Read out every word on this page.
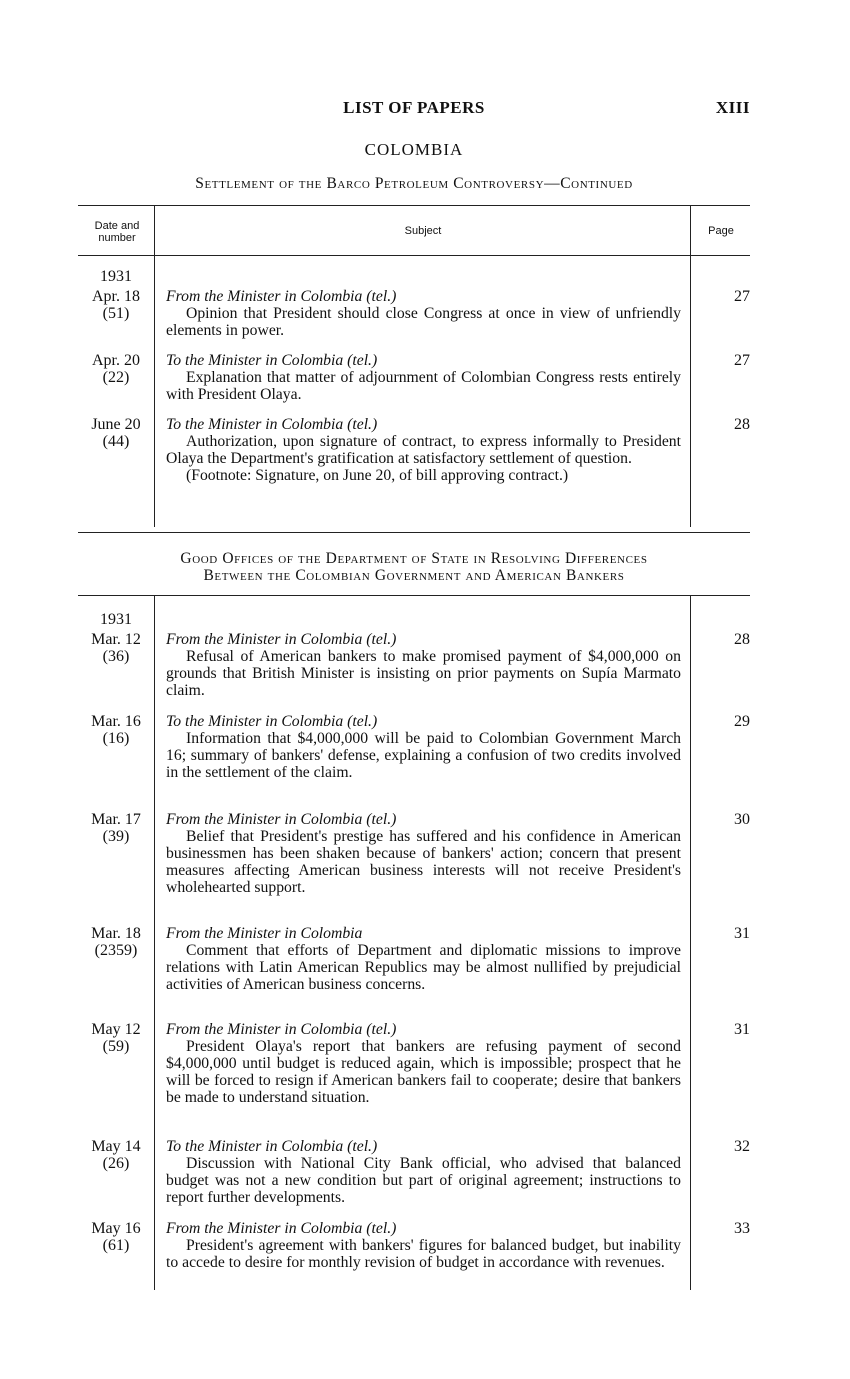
LIST OF PAPERS	XIII
COLOMBIA
Settlement of the Barco Petroleum Controversy—Continued
Date and number
Subject	Page
1931
Apr. 18
(51)
From the Minister in Colombia (tel.)
Opinion that President should close Congress at once in view of unfriendly elements in power.
27
Apr. 20
(22)
To the Minister in Colombia (tel.)
Explanation that matter of adjournment of Colombian Congress rests entirely with President Olaya.
27
June 20
(44)
To the Minister in Colombia (tel.)
Authorization, upon signature of contract, to express informally to President Olaya the Department's gratification at satisfactory settlement of question.
(Footnote: Signature, on June 20, of bill approving contract.)
28
Good Offices of the Department of State in Resolving Differences
Between the Colombian Government and American Bankers
1931
Mar. 12
(36)
From the Minister in Colombia (tel.)
Refusal of American bankers to make promised payment of $4,000,000 on grounds that British Minister is insisting on prior payments on Supía Marmato claim.
28
Mar. 16
(16)
To the Minister in Colombia (tel.)
Information that $4,000,000 will be paid to Colombian Government March 16; summary of bankers' defense, explaining a confusion of two credits involved in the settlement of the claim.
29
Mar. 17
(39)
From the Minister in Colombia (tel.)
Belief that President's prestige has suffered and his confidence in American businessmen has been shaken because of bankers' action; concern that present measures affecting American business interests will not receive President's wholehearted support.
30
Mar. 18
(2359)
From the Minister in Colombia
Comment that efforts of Department and diplomatic missions to improve relations with Latin American Republics may be almost nullified by prejudicial activities of American business concerns.
31
May 12
(59)
From the Minister in Colombia (tel.)
President Olaya's report that bankers are refusing payment of second $4,000,000 until budget is reduced again, which is impossible; prospect that he will be forced to resign if American bankers fail to cooperate; desire that bankers be made to understand situation.
31
May 14
(26)
To the Minister in Colombia (tel.)
Discussion with National City Bank official, who advised that balanced budget was not a new condition but part of original agreement; instructions to report further developments.
32
May 16
(61)
From the Minister in Colombia (tel.)
President's agreement with bankers' figures for balanced budget, but inability to accede to desire for monthly revision of budget in accordance with revenues.
33
